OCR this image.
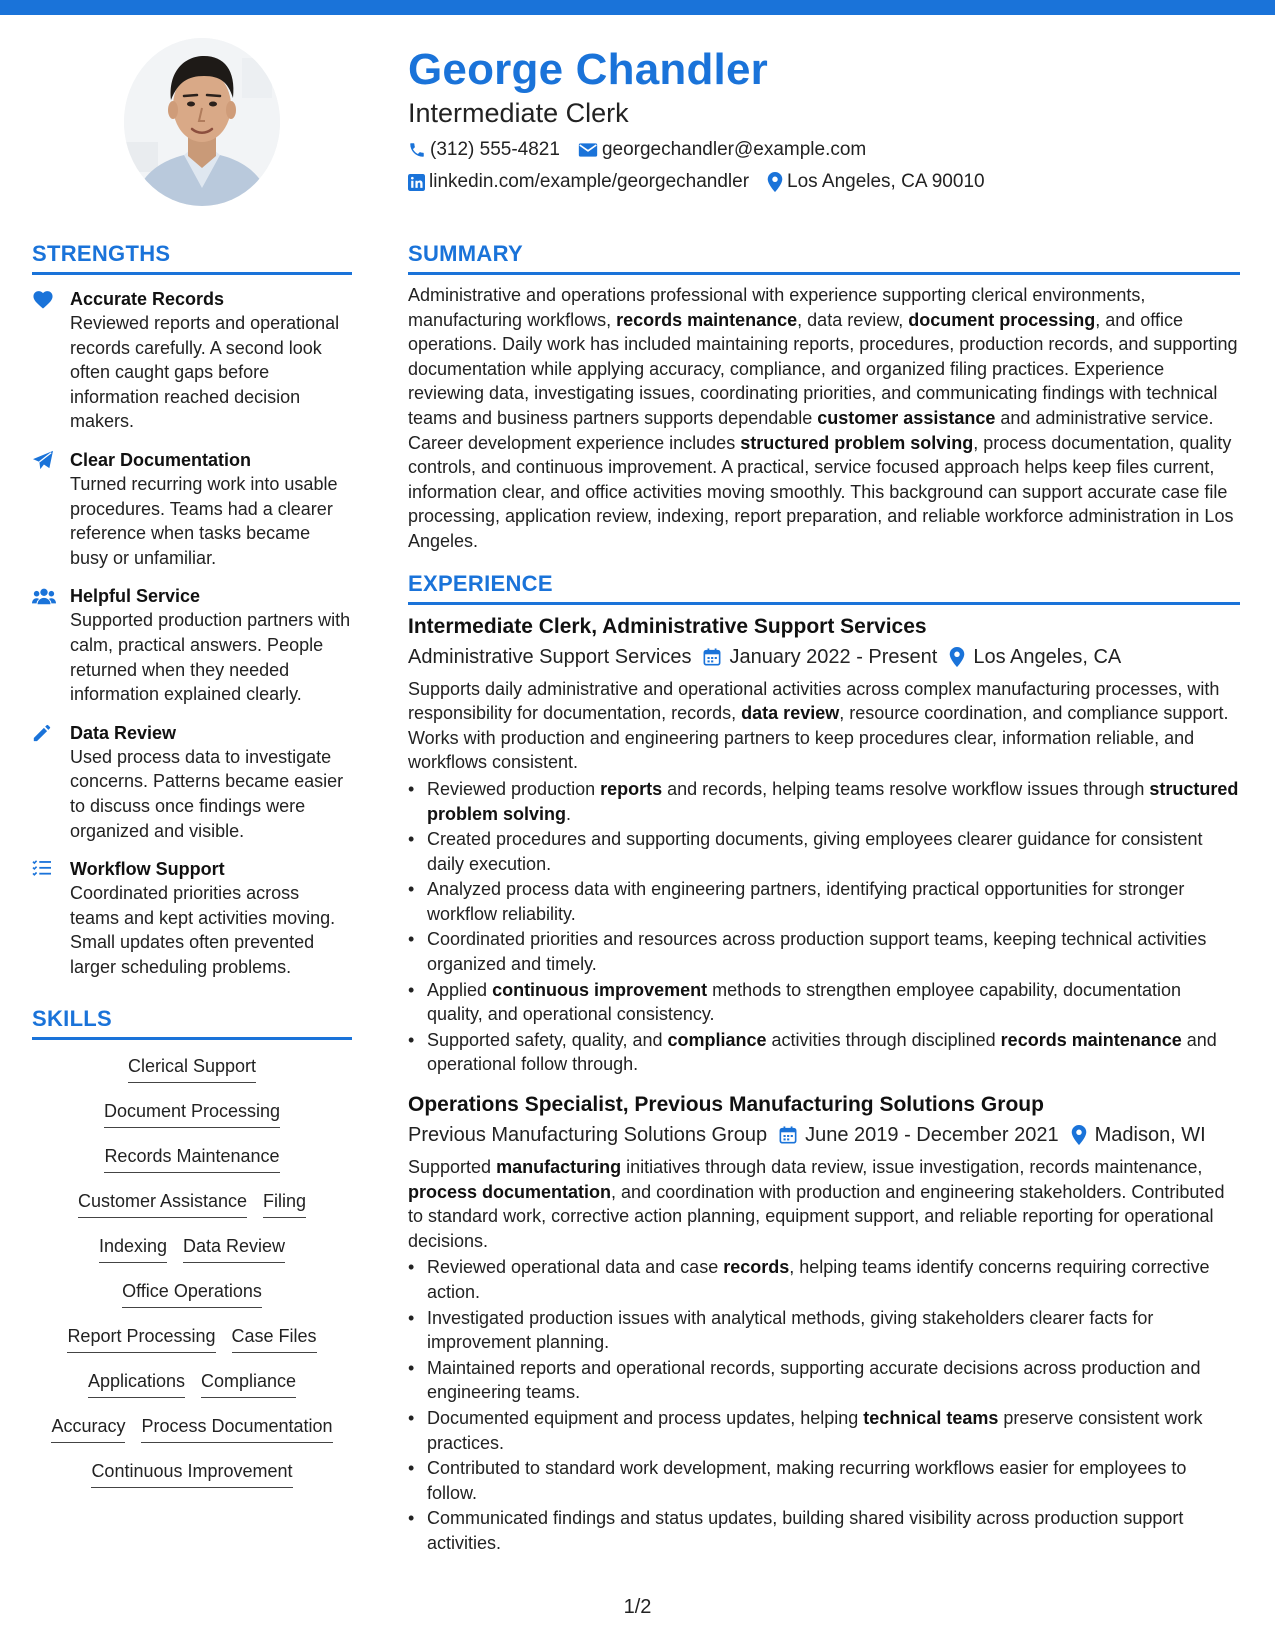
George Chandler
Intermediate Clerk
(312) 555-4821 georgechandler@example.com
linkedin.com/example/georgechandler Los Angeles, CA 90010
STRENGTHS
Accurate Records
Reviewed reports and operational records carefully. A second look often caught gaps before information reached decision makers.
Clear Documentation
Turned recurring work into usable procedures. Teams had a clearer reference when tasks became busy or unfamiliar.
Helpful Service
Supported production partners with calm, practical answers. People returned when they needed information explained clearly.
Data Review
Used process data to investigate concerns. Patterns became easier to discuss once findings were organized and visible.
Workflow Support
Coordinated priorities across teams and kept activities moving. Small updates often prevented larger scheduling problems.
SKILLS
Clerical Support
Document Processing
Records Maintenance
Customer Assistance Filing
Indexing Data Review
Office Operations
Report Processing Case Files
Applications Compliance
Accuracy Process Documentation
Continuous Improvement
SUMMARY
Administrative and operations professional with experience supporting clerical environments, manufacturing workflows, records maintenance, data review, document processing, and office operations. Daily work has included maintaining reports, procedures, production records, and supporting documentation while applying accuracy, compliance, and organized filing practices. Experience reviewing data, investigating issues, coordinating priorities, and communicating findings with technical teams and business partners supports dependable customer assistance and administrative service. Career development experience includes structured problem solving, process documentation, quality controls, and continuous improvement. A practical, service focused approach helps keep files current, information clear, and office activities moving smoothly. This background can support accurate case file processing, application review, indexing, report preparation, and reliable workforce administration in Los Angeles.
EXPERIENCE
Intermediate Clerk, Administrative Support Services
Administrative Support Services January 2022 - Present Los Angeles, CA
Supports daily administrative and operational activities across complex manufacturing processes, with responsibility for documentation, records, data review, resource coordination, and compliance support. Works with production and engineering partners to keep procedures clear, information reliable, and workflows consistent.
• Reviewed production reports and records, helping teams resolve workflow issues through structured problem solving.
• Created procedures and supporting documents, giving employees clearer guidance for consistent daily execution.
• Analyzed process data with engineering partners, identifying practical opportunities for stronger workflow reliability.
• Coordinated priorities and resources across production support teams, keeping technical activities organized and timely.
• Applied continuous improvement methods to strengthen employee capability, documentation quality, and operational consistency.
• Supported safety, quality, and compliance activities through disciplined records maintenance and operational follow through.
Operations Specialist, Previous Manufacturing Solutions Group
Previous Manufacturing Solutions Group June 2019 - December 2021 Madison, WI
Supported manufacturing initiatives through data review, issue investigation, records maintenance, process documentation, and coordination with production and engineering stakeholders. Contributed to standard work, corrective action planning, equipment support, and reliable reporting for operational decisions.
• Reviewed operational data and case records, helping teams identify concerns requiring corrective action.
• Investigated production issues with analytical methods, giving stakeholders clearer facts for improvement planning.
• Maintained reports and operational records, supporting accurate decisions across production and engineering teams.
• Documented equipment and process updates, helping technical teams preserve consistent work practices.
• Contributed to standard work development, making recurring workflows easier for employees to follow.
• Communicated findings and status updates, building shared visibility across production support activities.
1/2
